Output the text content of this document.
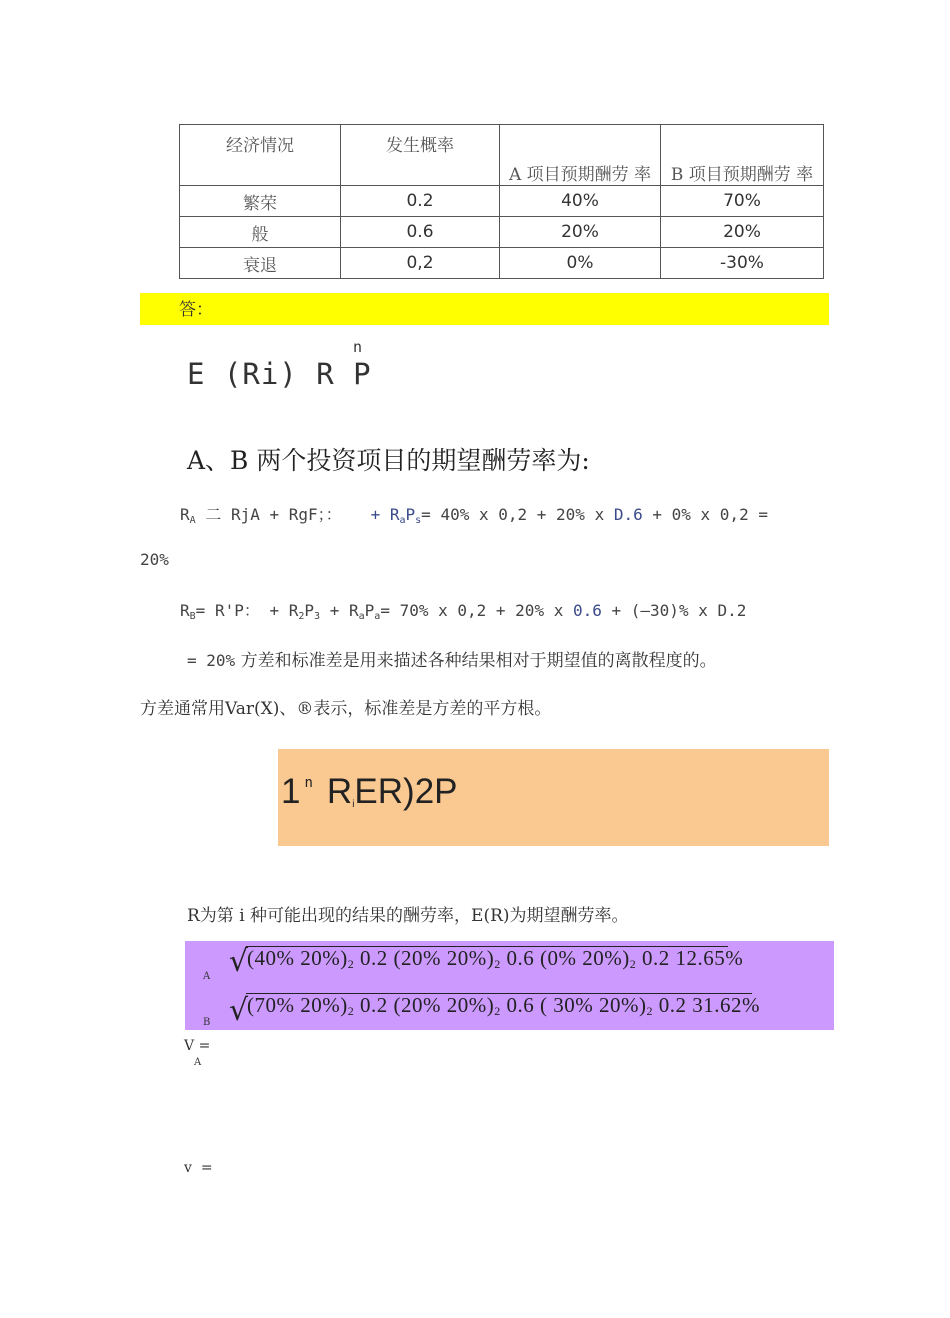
经济情况	发生概率	A 项目预期酬劳 率	B 项目预期酬劳 率
繁荣	0.2	40%	70%
般	0.6	20%	20%
衰退	0,2	0%	-30%
答：
n
E (Ri) R P
A、B 两个投资项目的期望酬劳率为:
$R_A$ 二 RjA + RgF；： + $R_aP_s= 40\%$ x 0,2 + 20% x D.6 + 0% x 0,2 =
20%
$R_B= R'P$： + $R_2P_3 + R_aP_a= 70\%$ x 0,2 + 20% x 0.6 + (—30)% x D.2
= 20% 方差和标准差是用来描述各种结果相对于期望值的离散程度的。
方差通常用Var(X)、®表示，标准差是方差的平方根。
1 $^n$ RiER)2P
R为第 i 种可能出现的结果的酬劳率，E(R)为期望酬劳率。
A
B
√
(40% 20%)2 0.2 (20% 20%)2 0.6 (0% 20%)2 0.2 12.65%
√
(70% 20%)2 0.2 (20% 20%)2 0.6 ( 30% 20%)2 0.2 31.62%
V =
A
v =
